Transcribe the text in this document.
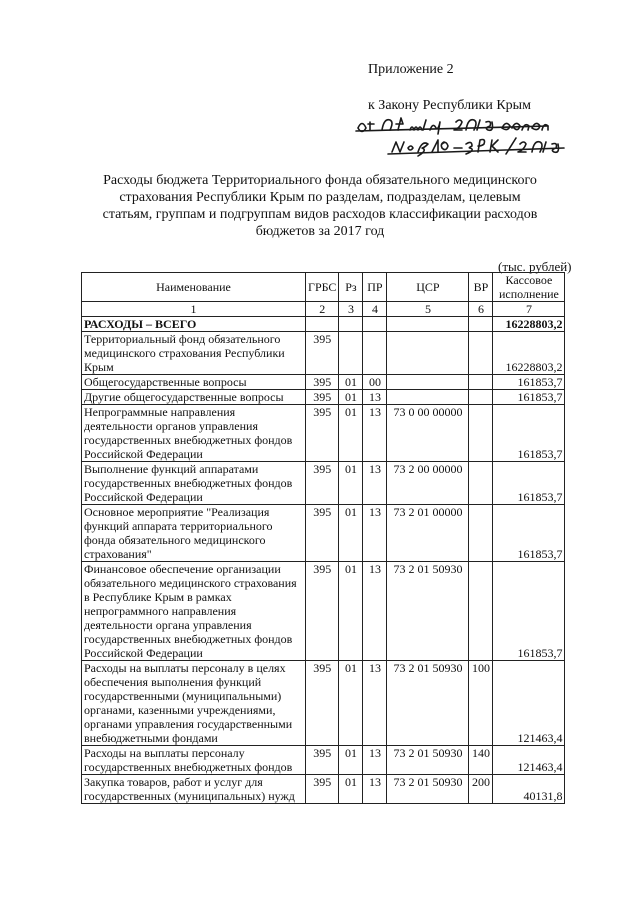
Приложение 2
к Закону Республики Крым
Расходы бюджета Территориального фонда обязательного медицинского страхования Республики Крым по разделам, подразделам, целевым статьям, группам и подгруппам видов расходов классификации расходов бюджетов за 2017 год
(тыс. рублей)
Наименование	ГРБС	Рз	ПР	ЦСР	ВР	Кассовое исполнение
1	2	3	4	5	6	7
РАСХОДЫ – ВСЕГО						16228803,2
Территориальный фонд обязательного медицинского страхования Республики Крым	395					16228803,2
Общегосударственные вопросы	395	01	00			161853,7
Другие общегосударственные вопросы	395	01	13			161853,7
Непрограммные направления деятельности органов управления государственных внебюджетных фондов Российской Федерации	395	01	13	73 0 00 00000		161853,7
Выполнение функций аппаратами государственных внебюджетных фондов Российской Федерации	395	01	13	73 2 00 00000		161853,7
Основное мероприятие "Реализация функций аппарата территориального фонда обязательного медицинского страхования"	395	01	13	73 2 01 00000		161853,7
Финансовое обеспечение организации обязательного медицинского страхования в Республике Крым в рамках непрограммного направления деятельности органа управления государственных внебюджетных фондов Российской Федерации	395	01	13	73 2 01 50930		161853,7
Расходы на выплаты персоналу в целях обеспечения выполнения функций государственными (муниципальными) органами, казенными учреждениями, органами управления государственными внебюджетными фондами	395	01	13	73 2 01 50930	100	121463,4
Расходы на выплаты персоналу государственных внебюджетных фондов	395	01	13	73 2 01 50930	140	121463,4
Закупка товаров, работ и услуг для государственных (муниципальных) нужд	395	01	13	73 2 01 50930	200	40131,8
